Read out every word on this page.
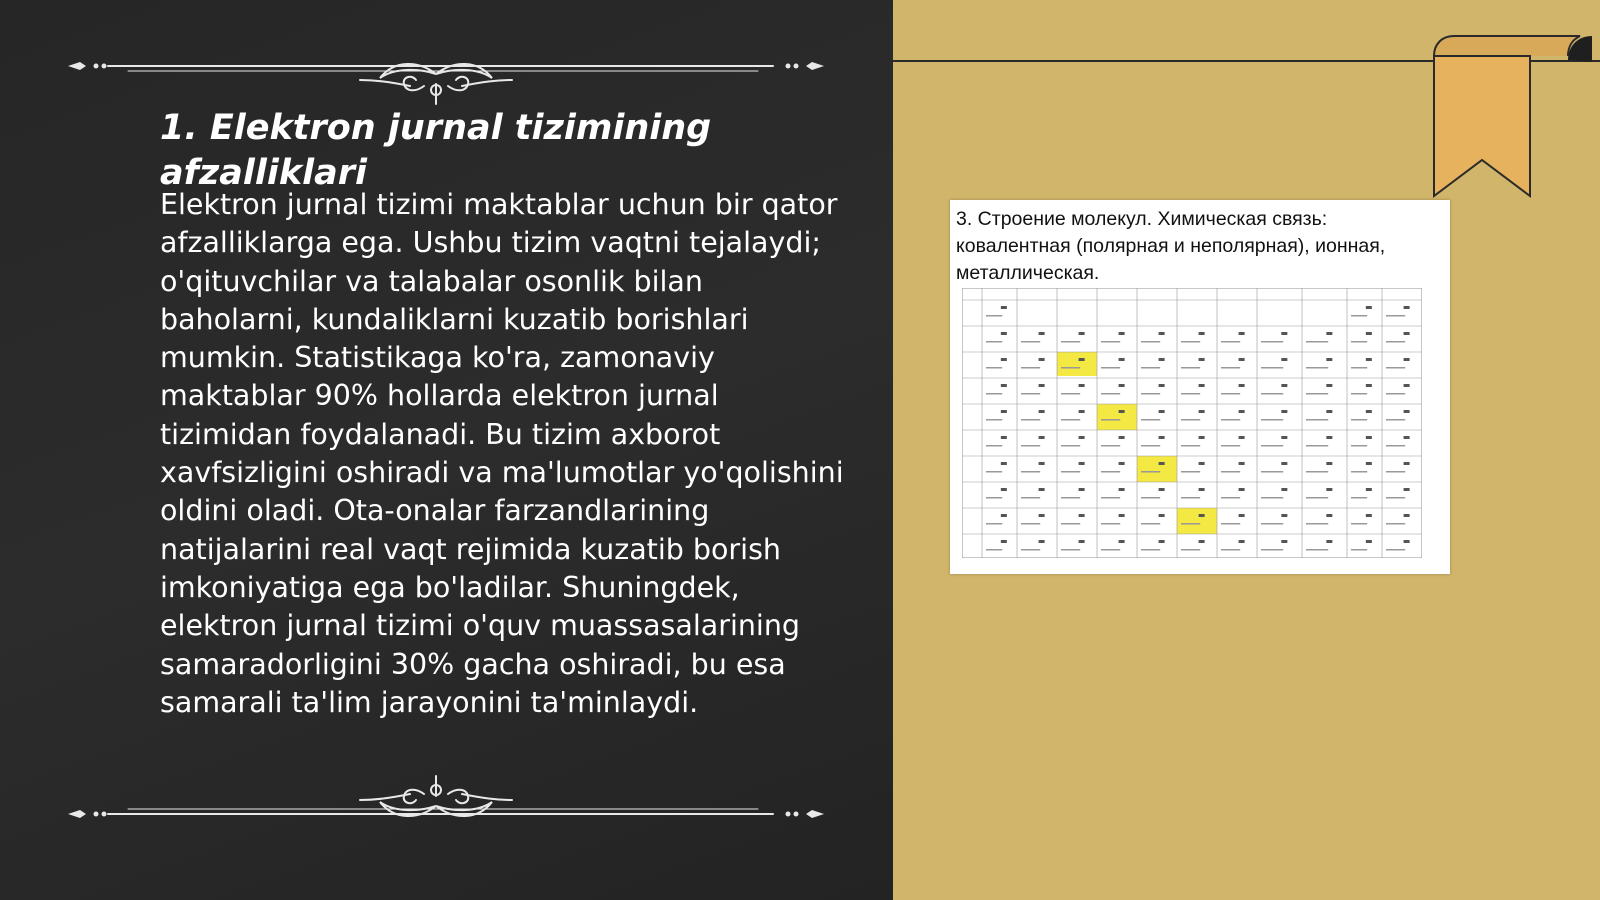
1. Elektron jurnal tizimining afzalliklari

Elektron jurnal tizimi maktablar uchun bir qator afzalliklarga ega. Ushbu tizim vaqtni tejalaydi; o'qituvchilar va talabalar osonlik bilan baholarni, kundaliklarni kuzatib borishlari mumkin. Statistikaga ko'ra, zamonaviy maktablar 90% hollarda elektron jurnal tizimidan foydalanadi. Bu tizim axborot xavfsizligini oshiradi va ma'lumotlar yo'qolishini oldini oladi. Ota-onalar farzandlarining natijalarini real vaqt rejimida kuzatib borish imkoniyatiga ega bo'ladilar. Shuningdek, elektron jurnal tizimi o'quv muassasalarining samaradorligini 30% gacha oshiradi, bu esa samarali ta'lim jarayonini ta'minlaydi.

3. Строение молекул. Химическая связь: ковалентная (полярная и неполярная), ионная, металлическая.
